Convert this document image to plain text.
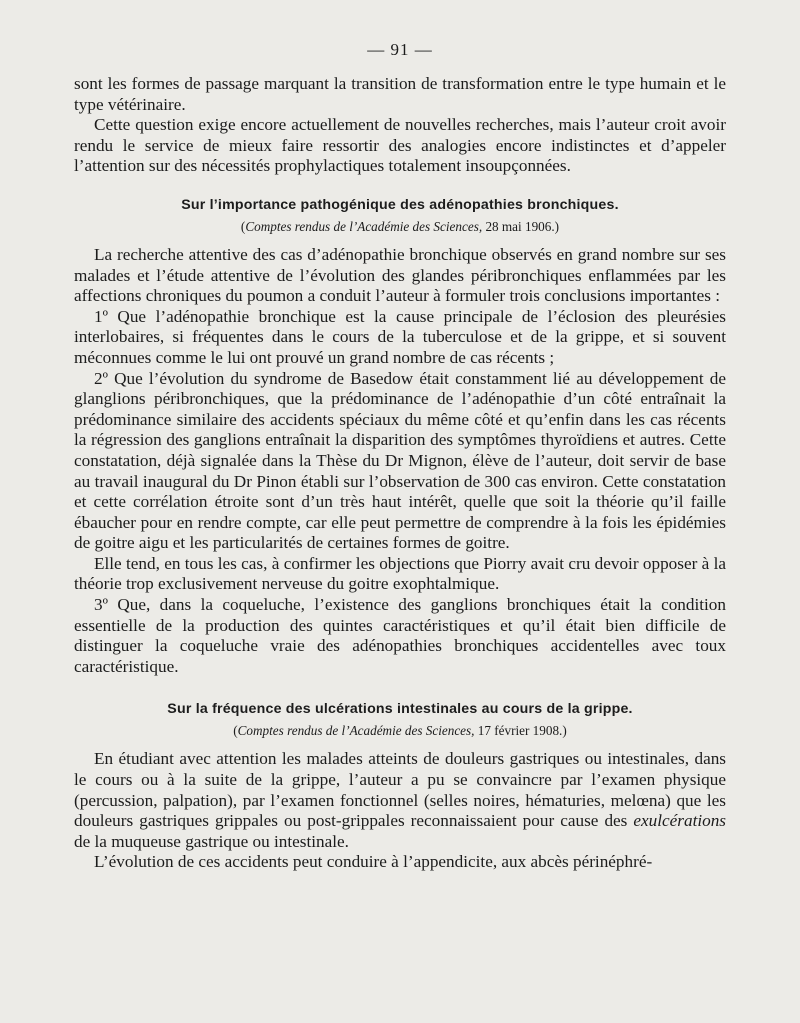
— 91 —

sont les formes de passage marquant la transition de transformation entre le type humain et le type vétérinaire.

Cette question exige encore actuellement de nouvelles recherches, mais l’auteur croit avoir rendu le service de mieux faire ressortir des analogies encore indistinctes et d’appeler l’attention sur des nécessités prophylactiques totalement insoupçonnées.

Sur l’importance pathogénique des adénopathies bronchiques.
(Comptes rendus de l’Académie des Sciences, 28 mai 1906.)

La recherche attentive des cas d’adénopathie bronchique observés en grand nombre sur ses malades et l’étude attentive de l’évolution des glandes péribronchiques enflammées par les affections chroniques du poumon a conduit l’auteur à formuler trois conclusions importantes :

1º Que l’adénopathie bronchique est la cause principale de l’éclosion des pleurésies interlobaires, si fréquentes dans le cours de la tuberculose et de la grippe, et si souvent méconnues comme le lui ont prouvé un grand nombre de cas récents ;

2º Que l’évolution du syndrome de Basedow était constamment lié au développement de glanglions péribronchiques, que la prédominance de l’adénopathie d’un côté entraînait la prédominance similaire des accidents spéciaux du même côté et qu’enfin dans les cas récents la régression des ganglions entraînait la disparition des symptômes thyroïdiens et autres. Cette constatation, déjà signalée dans la Thèse du Dr Mignon, élève de l’auteur, doit servir de base au travail inaugural du Dr Pinon établi sur l’observation de 300 cas environ. Cette constatation et cette corrélation étroite sont d’un très haut intérêt, quelle que soit la théorie qu’il faille ébaucher pour en rendre compte, car elle peut permettre de comprendre à la fois les épidémies de goitre aigu et les particularités de certaines formes de goitre.

Elle tend, en tous les cas, à confirmer les objections que Piorry avait cru devoir opposer à la théorie trop exclusivement nerveuse du goitre exophtalmique.

3º Que, dans la coqueluche, l’existence des ganglions bronchiques était la condition essentielle de la production des quintes caractéristiques et qu’il était bien difficile de distinguer la coqueluche vraie des adénopathies bronchiques accidentelles avec toux caractéristique.

Sur la fréquence des ulcérations intestinales au cours de la grippe.
(Comptes rendus de l’Académie des Sciences, 17 février 1908.)

En étudiant avec attention les malades atteints de douleurs gastriques ou intestinales, dans le cours ou à la suite de la grippe, l’auteur a pu se convaincre par l’examen physique (percussion, palpation), par l’examen fonctionnel (selles noires, hématuries, melœna) que les douleurs gastriques grippales ou post-grippales reconnaissaient pour cause des exulcérations de la muqueuse gastrique ou intestinale.

L’évolution de ces accidents peut conduire à l’appendicite, aux abcès périnéphré-
